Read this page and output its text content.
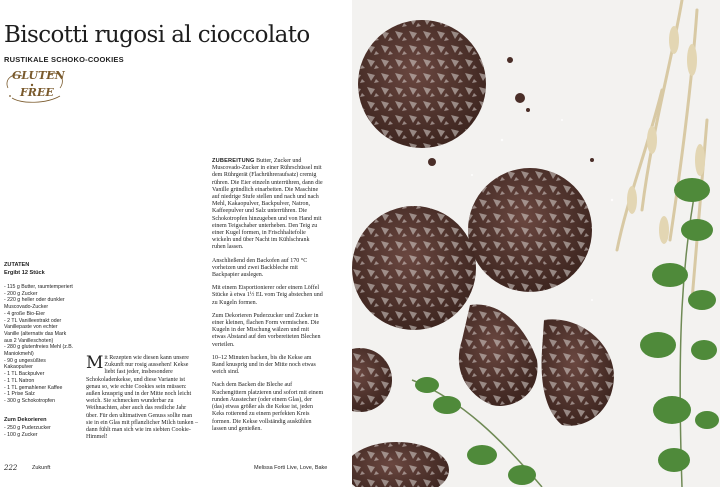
Biscotti rugosi al cioccolato
RUSTIKALE SCHOKO-COOKIES
GLUTEN
FREE
ZUTATEN
Ergibt 12 Stück
- 115 g Butter, raumtemperiert
- 200 g Zucker
- 220 g heller oder dunkler Muscovado-Zucker
- 4 große Bio-Eier
- 2 TL Vanilleextrakt oder Vanillepaste von echter Vanille (alternativ das Mark aus 2 Vanilleschoten)
- 280 g glutenfreies Mehl (z.B. Maniokmehl)
- 90 g ungesüßtes Kakaopulver
- 1 TL Backpulver
- 1 TL Natron
- 1 TL gemahlener Kaffee
- 1 Prise Salz
- 300 g Schokotropfen
Zum Dekorieren
- 250 g Puderzucker
- 100 g Zucker
Mit Rezepten wie diesen kann unsere Zukunft nur rosig aussehen! Kekse liebt fast jeder, insbesondere Schokoladenkekse, und diese Variante ist genau so, wie echte Cookies sein müssen: außen knusprig und in der Mitte noch leicht weich. Sie schmecken wunderbar zu Weihnachten, aber auch das restliche Jahr über. Für den ultimativen Genuss sollte man sie in ein Glas mit pflanzlicher Milch tunken – dann fühlt man sich wie im siebten Cookie-Himmel!

ZUBEREITUNG Butter, Zucker und Muscovado-Zucker in einer Rührschüssel mit dem Rührgerät (Flachrühreraufsatz) cremig rühren. Die Eier einzeln unterrühren, dann die Vanille gründlich einarbeiten. Die Maschine auf niedrige Stufe stellen und nach und nach Mehl, Kakaopulver, Backpulver, Natron, Kaffeepulver und Salz unterrühren. Die Schokotropfen hinzugeben und von Hand mit einem Teigschaber unterheben. Den Teig zu einer Kugel formen, in Frischhaltefolie wickeln und über Nacht im Kühlschrank ruhen lassen.

Anschließend den Backofen auf 170 °C vorheizen und zwei Backbleche mit Backpapier auslegen.

Mit einem Eisportionierer oder einem Löffel Stücke à etwa 1½ EL vom Teig abstechen und zu Kugeln formen.

Zum Dekorieren Puderzucker und Zucker in einer kleinen, flachen Form vermischen. Die Kugeln in der Mischung wälzen und mit etwas Abstand auf den vorbereiteten Blechen verteilen.

10–12 Minuten backen, bis die Kekse am Rand knusprig und in der Mitte noch etwas weich sind.

Nach dem Backen die Bleche auf Kuchengittern platzieren und sofort mit einem runden Ausstecher (oder einem Glas), der (das) etwas größer als die Kekse ist, jeden Keks rotierend zu einem perfekten Kreis formen. Die Kekse vollständig auskühlen lassen und genießen.

222	Zukunft	Melissa Forti Live, Love, Bake
